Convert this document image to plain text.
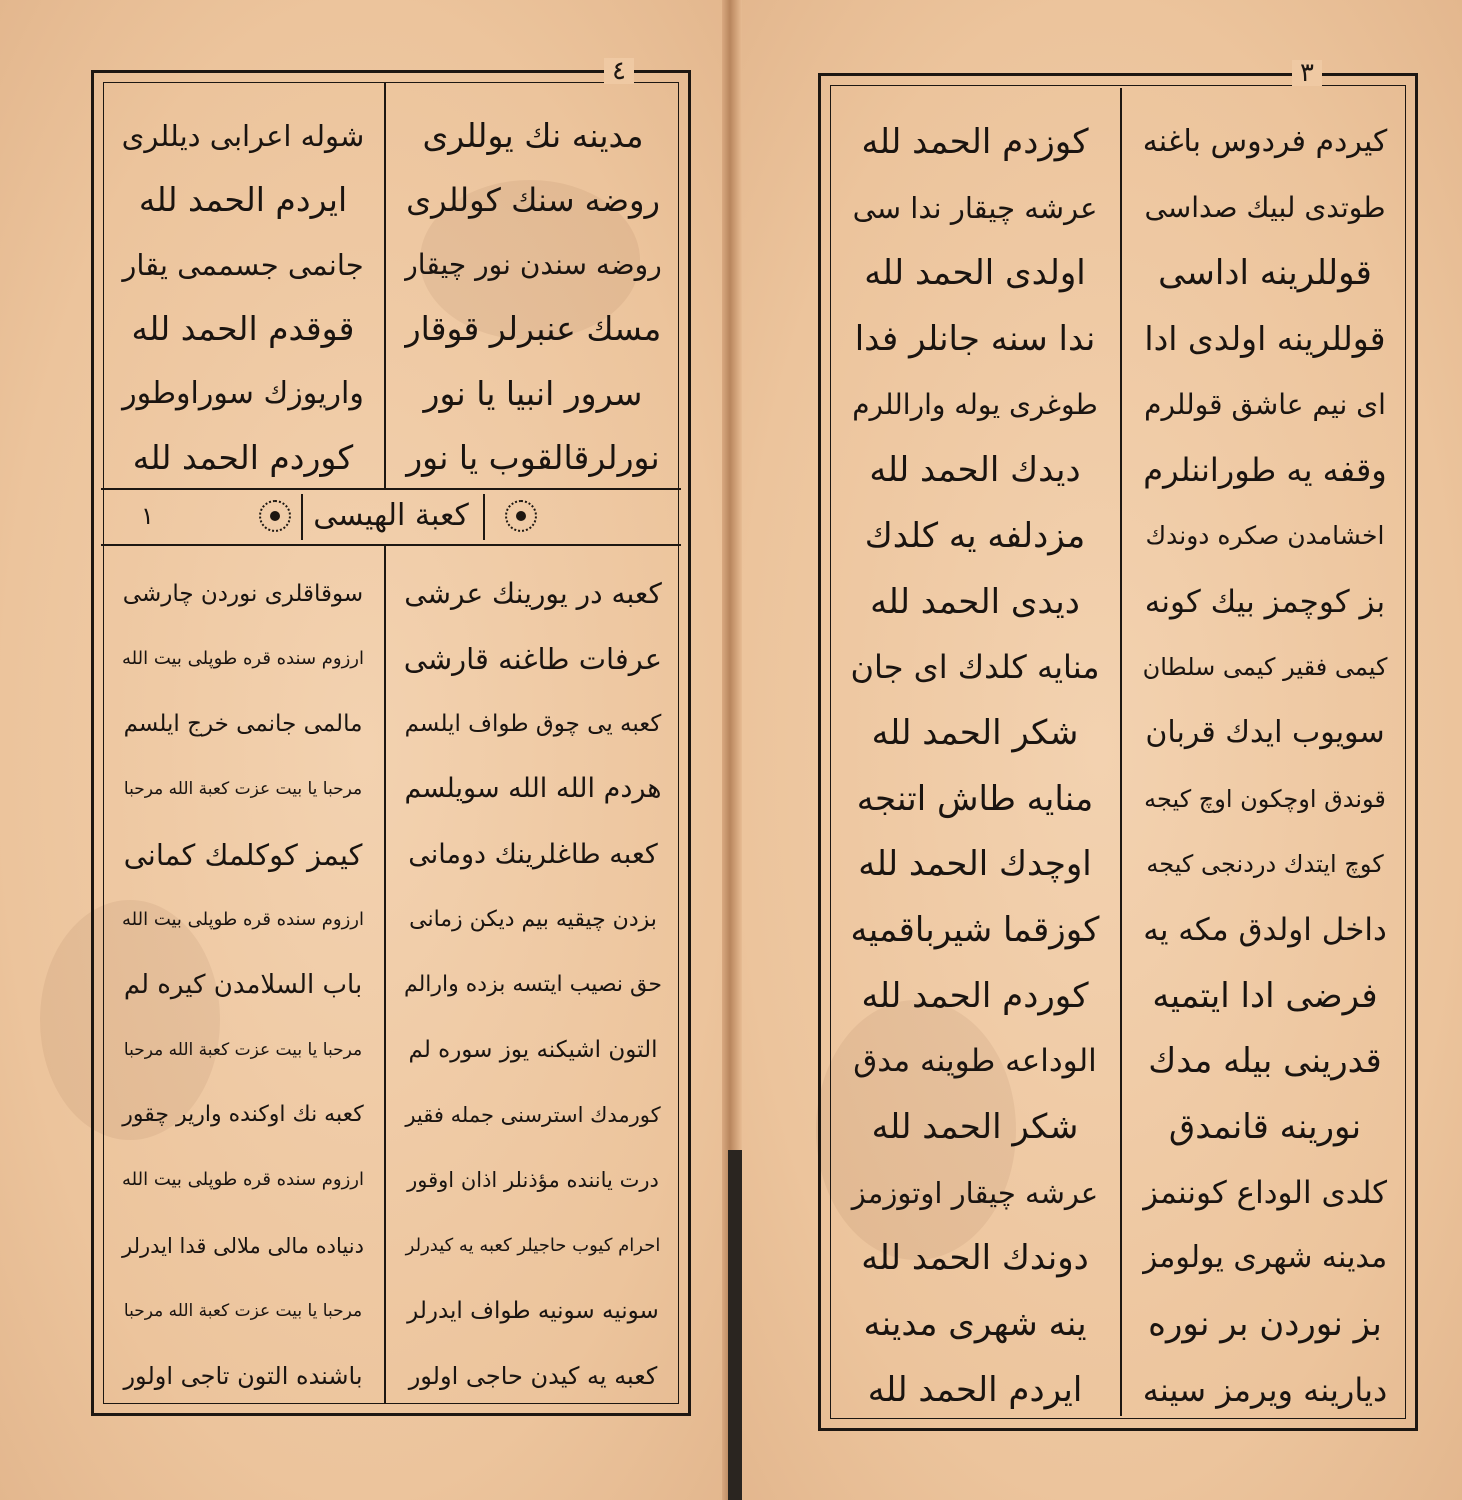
٤
مدینه نك یوللری
روضه سنك کوللری
روضه سندن نور چیقار
مسك عنبرلر قوقار
سرور انبیا یا نور
نورلرقالقوب یا نور
شوله اعرابی دیللری
ایردم الحمد لله
جانمی جسممی یقار
قوقدم الحمد لله
واریوزك سوراوطور
کوردم الحمد لله
کعبة الهیسی
١
کعبه در یورینك عرشی
عرفات طاغنه قارشی
کعبه یی چوق طواف ایلسم
هردم الله الله سویلسم
کعبه طاغلرینك دومانی
بزدن چیقیه بیم دیکن زمانی
حق نصیب ایتسه بزده وارالم
التون اشیکنه یوز سوره لم
کورمدك استرسنی جمله فقیر
درت یاننده مؤذنلر اذان اوقور
احرام کیوب حاجیلر کعبه یه کیدرلر
سونیه سونیه طواف ایدرلر
کعبه یه کیدن حاجی اولور
سوقاقلری نوردن چارشی
ارزوم سنده قره طوپلی بیت الله
مالمی جانمی خرج ایلسم
مرحبا یا بیت عزت کعبة الله مرحبا
کیمز کوکلمك کمانی
ارزوم سنده قره طوپلی بیت الله
باب السلامدن کیره لم
مرحبا یا بیت عزت کعبة الله مرحبا
کعبه نك اوکنده واریر چقور
ارزوم سنده قره طوپلی بیت الله
دنیاده مالی ملالی قدا ایدرلر
مرحبا یا بیت عزت کعبة الله مرحبا
باشنده التون تاجی اولور
٣
کیردم فردوس باغنه
طوتدی لبیك صداسی
قوللرینه اداسی
قوللرینه اولدی ادا
ای نیم عاشق قوللرم
وقفه یه طوراننلرم
اخشامدن صکره دوندك
بز کوچمز بیك کونه
کیمی فقیر کیمی سلطان
سویوب ایدك قربان
قوندق اوچکون اوچ کیجه
کوچ ایتدك دردنجی کیجه
داخل اولدق مکه یه
فرضی ادا ایتمیه
قدرینی بیله مدك
نورینه قانمدق
کلدی الوداع کوننمز
مدینه شهری یولومز
بز نوردن بر نوره
دیارینه ویرمز سینه
کوزدم الحمد لله
عرشه چیقار ندا سی
اولدی الحمد لله
ندا سنه جانلر فدا
طوغری یوله واراللرم
دیدك الحمد لله
مزدلفه یه کلدك
دیدی الحمد لله
منایه کلدك ای جان
شکر الحمد لله
منایه طاش اتنجه
اوچدك الحمد لله
کوزقما شیرباقمیه
کوردم الحمد لله
الوداعه طوینه مدق
شکر الحمد لله
عرشه چیقار اوتوزمز
دوندك الحمد لله
ینه شهری مدینه
ایردم الحمد لله
